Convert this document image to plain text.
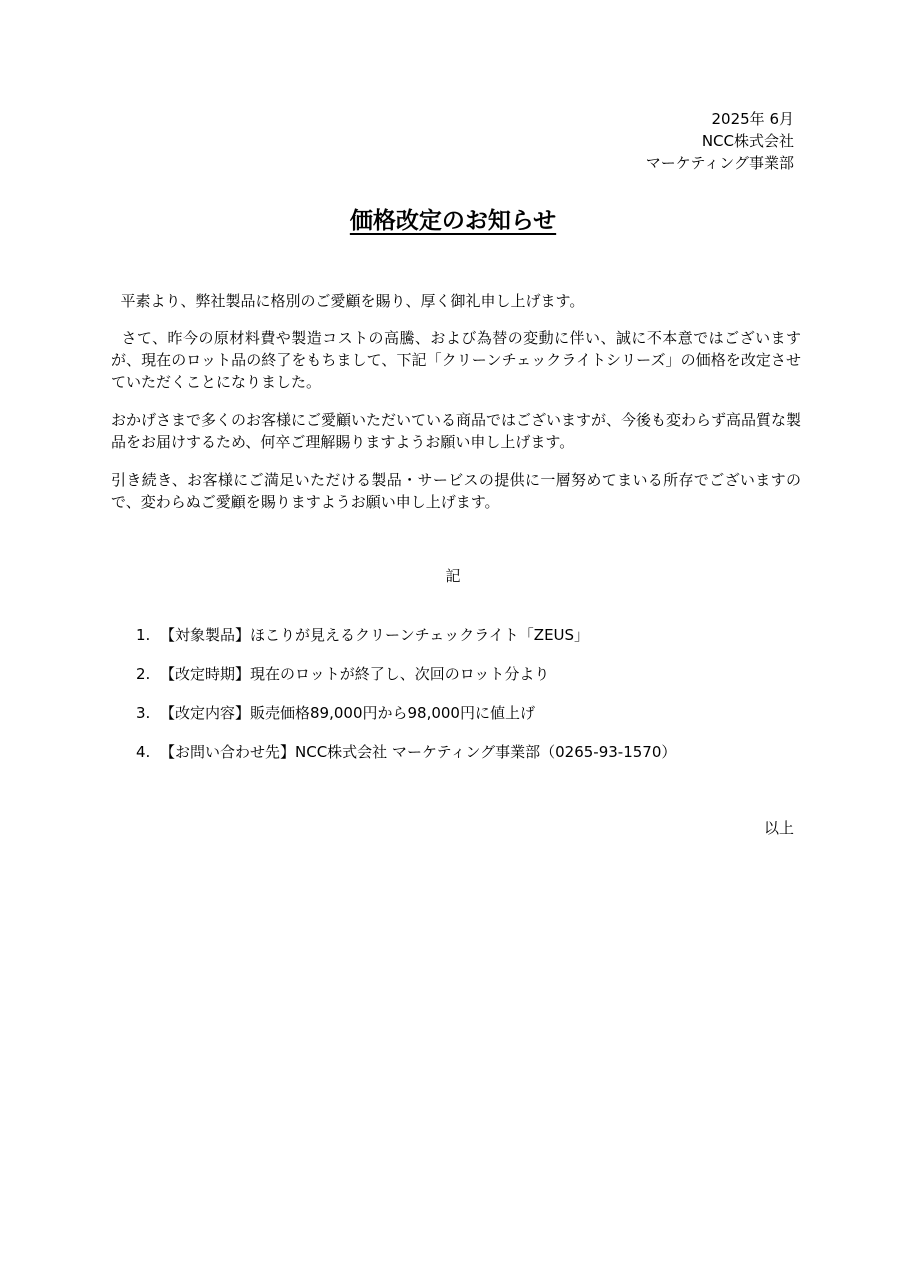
2025年 6月
NCC株式会社
マーケティング事業部
価格改定のお知らせ

平素より、弊社製品に格別のご愛顧を賜り、厚く御礼申し上げます。

さて、昨今の原材料費や製造コストの高騰、および為替の変動に伴い、誠に不本意ではございますが、現在のロット品の終了をもちまして、下記「クリーンチェックライトシリーズ」の価格を改定させていただくことになりました。

おかげさまで多くのお客様にご愛顧いただいている商品ではございますが、今後も変わらず高品質な製品をお届けするため、何卒ご理解賜りますようお願い申し上げます。

引き続き、お客様にご満足いただける製品・サービスの提供に一層努めてまいる所存でございますので、変わらぬご愛顧を賜りますようお願い申し上げます。

記
1. 【対象製品】ほこりが見えるクリーンチェックライト「ZEUS」
2. 【改定時期】現在のロットが終了し、次回のロット分より
3. 【改定内容】販売価格89,000円から98,000円に値上げ
4. 【お問い合わせ先】NCC株式会社 マーケティング事業部（0265-93-1570）
以上
